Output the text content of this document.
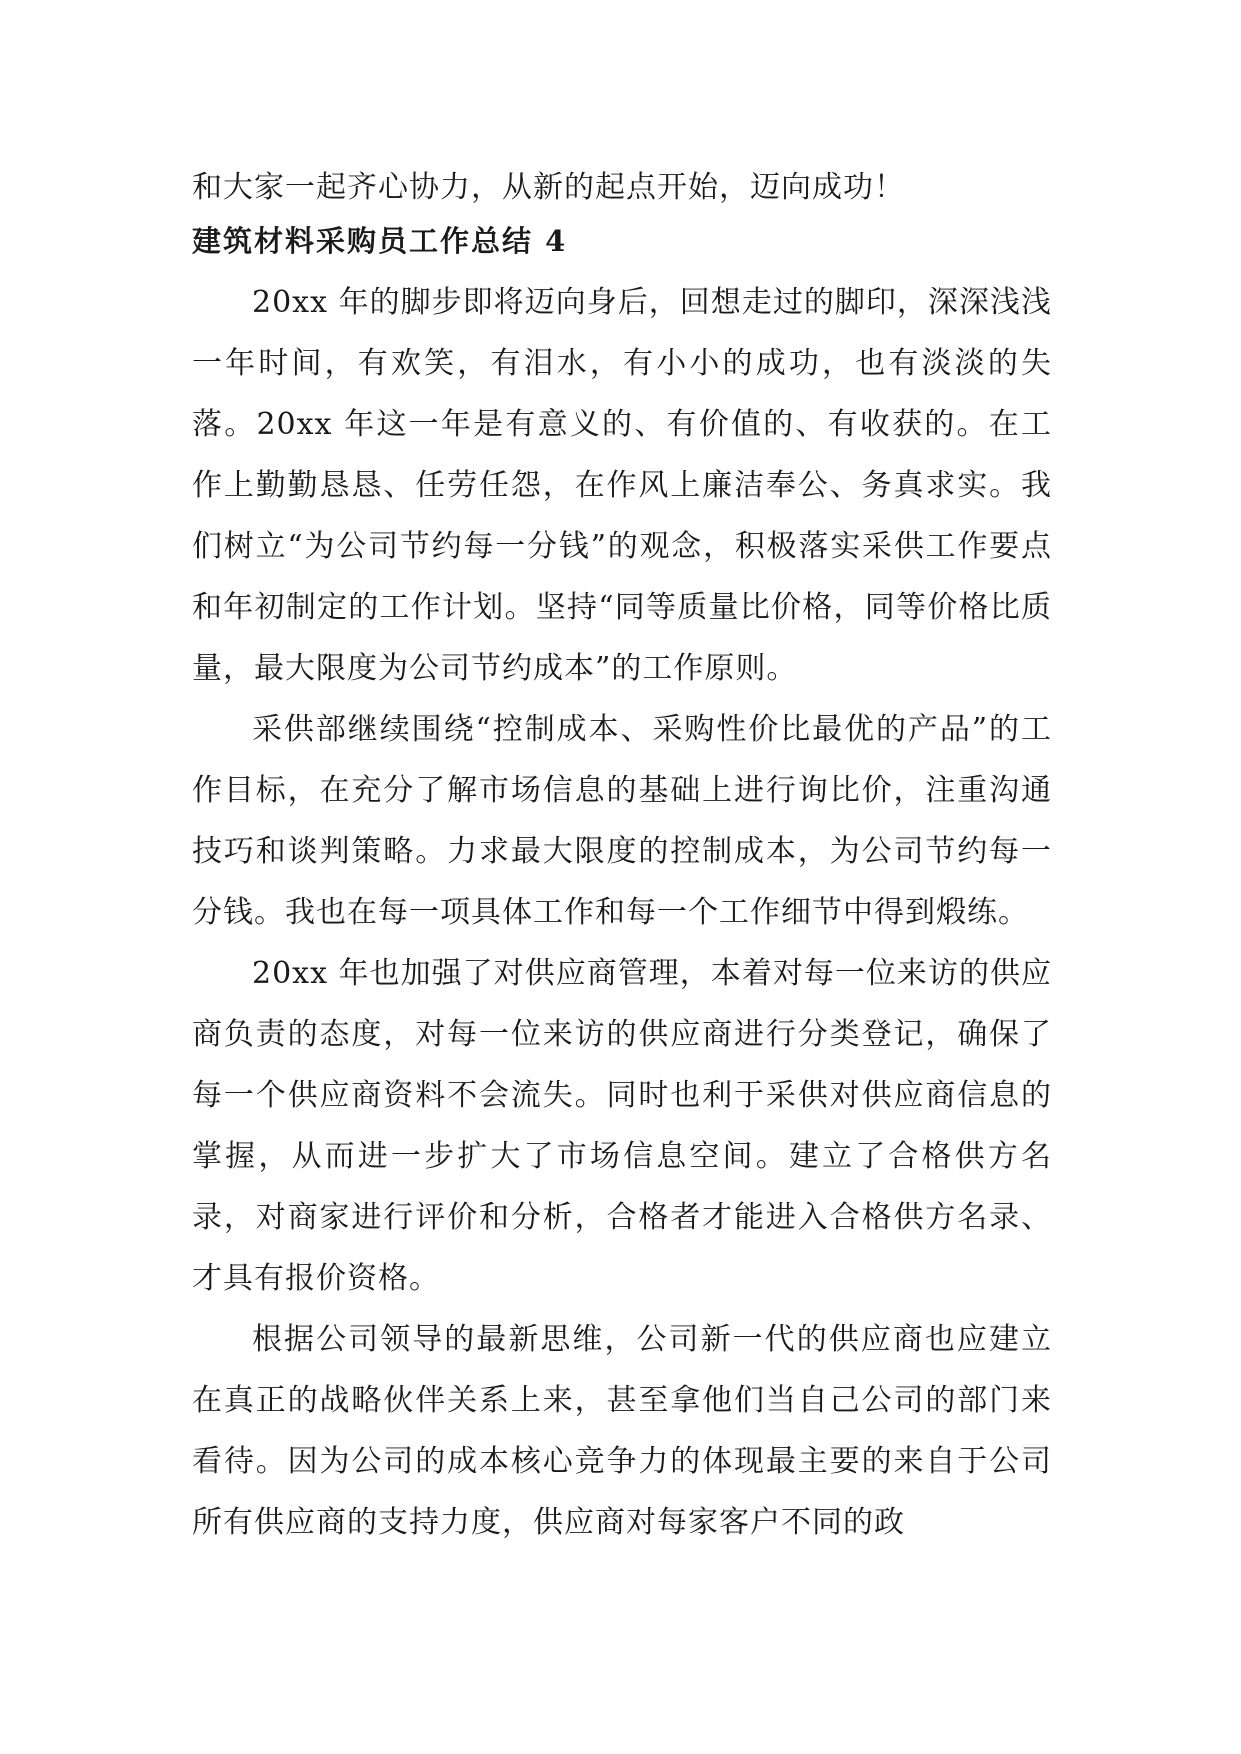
和大家一起齐心协力，从新的起点开始，迈向成功！

建筑材料采购员工作总结 4

20xx 年的脚步即将迈向身后，回想走过的脚印，深深浅浅一年时间，有欢笑，有泪水，有小小的成功，也有淡淡的失落。20xx 年这一年是有意义的、有价值的、有收获的。在工作上勤勤恳恳、任劳任怨，在作风上廉洁奉公、务真求实。我们树立“为公司节约每一分钱”的观念，积极落实采供工作要点和年初制定的工作计划。坚持“同等质量比价格，同等价格比质量，最大限度为公司节约成本”的工作原则。

采供部继续围绕“控制成本、采购性价比最优的产品”的工作目标，在充分了解市场信息的基础上进行询比价，注重沟通技巧和谈判策略。力求最大限度的控制成本，为公司节约每一分钱。我也在每一项具体工作和每一个工作细节中得到煅练。

20xx 年也加强了对供应商管理，本着对每一位来访的供应商负责的态度，对每一位来访的供应商进行分类登记，确保了每一个供应商资料不会流失。同时也利于采供对供应商信息的掌握，从而进一步扩大了市场信息空间。建立了合格供方名录，对商家进行评价和分析，合格者才能进入合格供方名录、才具有报价资格。

根据公司领导的最新思维，公司新一代的供应商也应建立在真正的战略伙伴关系上来，甚至拿他们当自己公司的部门来看待。因为公司的成本核心竞争力的体现最主要的来自于公司所有供应商的支持力度，供应商对每家客户不同的政
